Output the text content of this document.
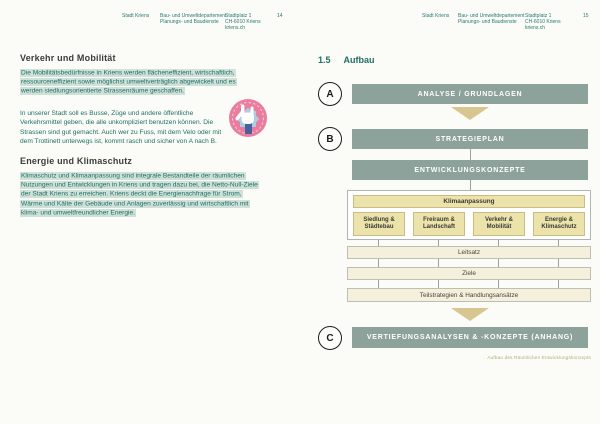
Stadt Kriens Bau- und Umweltdepartement
Planungs- und Baudienste
Stadtplatz 1
CH-6010 Kriens
kriens.ch
14	Stadt Kriens Bau- und Umweltdepartement
Planungs- und Baudienste
Stadtplatz 1
CH-6010 Kriens
kriens.ch
15
Verkehr und Mobilität
Die Mobilitätsbedürfnisse in Kriens werden flächeneffizient, wirtschaftlich, ressourceneffizient sowie möglichst umweltverträglich abgewickelt und es werden siedlungsorientierte Strassenräume geschaffen.
In unserer Stadt soll es Busse, Züge und andere öffentliche Verkehrsmittel geben, die alle unkompliziert benutzen können. Die Strassen sind gut gemacht. Auch wer zu Fuss, mit dem Velo oder mit dem Trottinett unterwegs ist, kommt rasch und sicher von A nach B.
Energie und Klimaschutz
Klimaschutz und Klimaanpassung sind integrale Bestandteile der räumlichen Nutzungen und Entwicklungen in Kriens und tragen dazu bei, die Netto-Null-Ziele der Stadt Kriens zu erreichen. Kriens deckt die Energienachfrage für Strom, Wärme und Kälte der Gebäude und Anlagen zuverlässig und wirtschaftlich mit klima- und umweltfreundlicher Energie.
1.5 Aufbau
A	ANALYSE / GRUNDLAGEN
B	STRATEGIEPLAN
ENTWICKLUNGSKONZEPTE
Klimaanpassung
Siedlung & Städtebau
Freiraum & Landschaft
Verkehr & Mobilität
Energie & Klimaschutz
Leitsatz
Ziele
Teilstrategien & Handlungsansätze
C	VERTIEFUNGSANALYSEN & -KONZEPTE (ANHANG)
Aufbau des Räumlichen Entwicklungskonzepts
